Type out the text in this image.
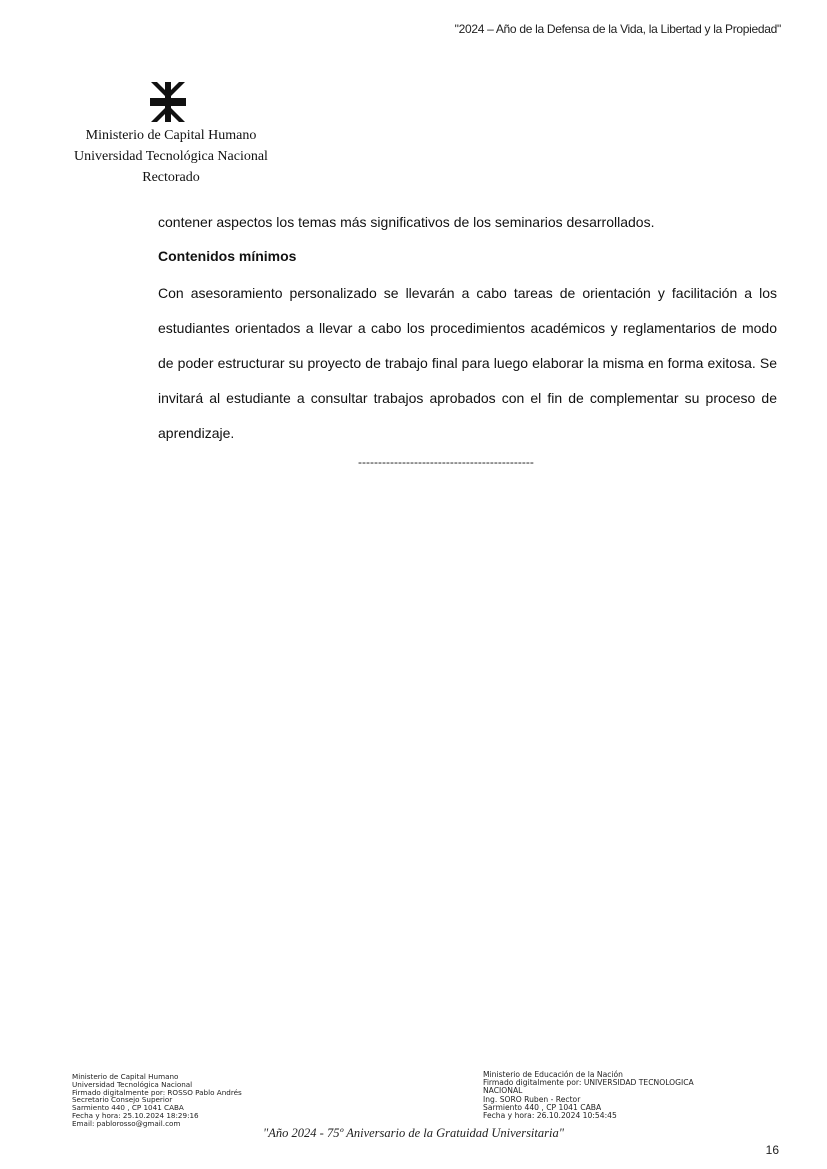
"2024 – Año de la Defensa de la Vida, la Libertad y la Propiedad"
Ministerio de Capital Humano
Universidad Tecnológica Nacional
Rectorado

contener aspectos los temas más significativos de los seminarios desarrollados.

Contenidos mínimos

Con asesoramiento personalizado se llevarán a cabo tareas de orientación y facilitación a los estudiantes orientados a llevar a cabo los procedimientos académicos y reglamentarios de modo de poder estructurar su proyecto de trabajo final para luego elaborar la misma en forma exitosa. Se invitará al estudiante a consultar trabajos aprobados con el fin de complementar su proceso de aprendizaje.

--------------------------------------------
Ministerio de Capital Humano
Universidad Tecnológica Nacional
Firmado digitalmente por: ROSSO Pablo Andrés
Secretario Consejo Superior
Sarmiento 440 , CP 1041 CABA
Fecha y hora: 25.10.2024 18:29:16
Email: pablorosso@gmail.com
Ministerio de Educación de la Nación
Firmado digitalmente por: UNIVERSIDAD TECNOLOGICA
NACIONAL
Ing. SORO Ruben - Rector
Sarmiento 440 , CP 1041 CABA
Fecha y hora: 26.10.2024 10:54:45
"Año 2024 - 75º Aniversario de la Gratuidad Universitaria"
16
